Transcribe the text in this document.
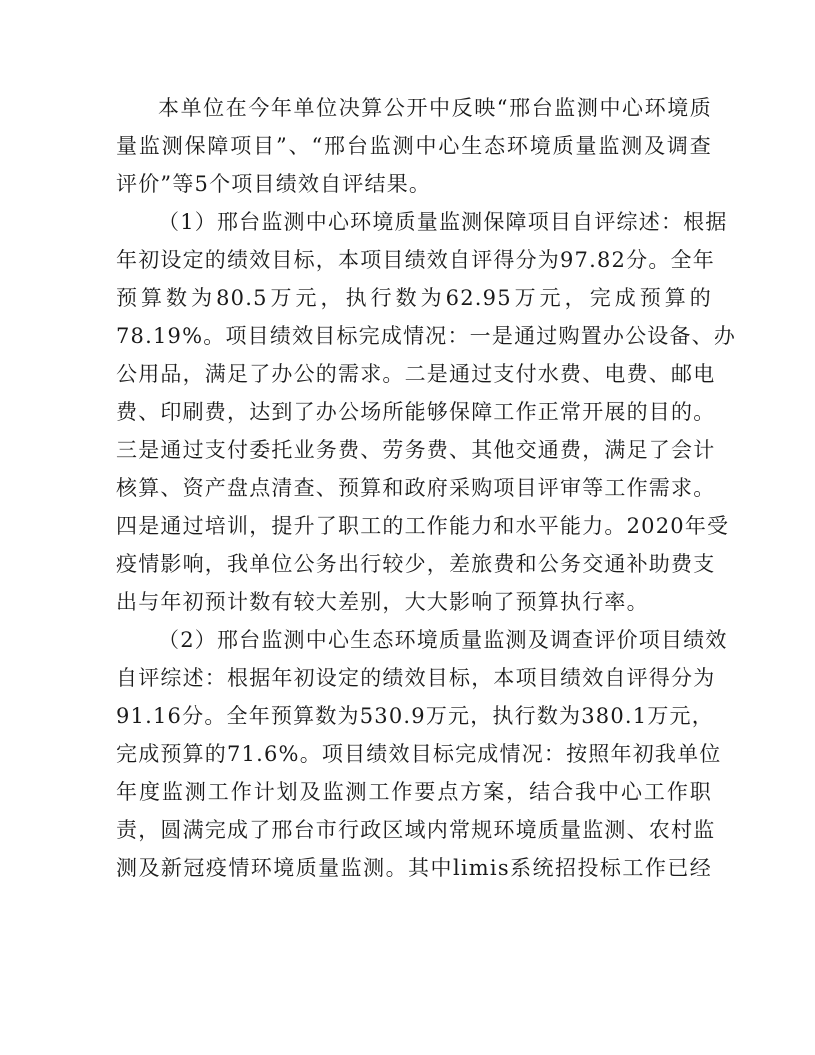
本单位在今年单位决算公开中反映“邢台监测中心环境质
量监测保障项目”、“邢台监测中心生态环境质量监测及调查
评价”等5个项目绩效自评结果。
（1）邢台监测中心环境质量监测保障项目自评综述：根据
年初设定的绩效目标，本项目绩效自评得分为97.82分。全年
预算数为80.5万元，执行数为62.95万元，完成预算的
78.19%。项目绩效目标完成情况：一是通过购置办公设备、办
公用品，满足了办公的需求。二是通过支付水费、电费、邮电
费、印刷费，达到了办公场所能够保障工作正常开展的目的。
三是通过支付委托业务费、劳务费、其他交通费，满足了会计
核算、资产盘点清查、预算和政府采购项目评审等工作需求。
四是通过培训，提升了职工的工作能力和水平能力。2020年受
疫情影响，我单位公务出行较少，差旅费和公务交通补助费支
出与年初预计数有较大差别，大大影响了预算执行率。
（2）邢台监测中心生态环境质量监测及调查评价项目绩效
自评综述：根据年初设定的绩效目标，本项目绩效自评得分为
91.16分。全年预算数为530.9万元，执行数为380.1万元，
完成预算的71.6%。项目绩效目标完成情况：按照年初我单位
年度监测工作计划及监测工作要点方案，结合我中心工作职
责，圆满完成了邢台市行政区域内常规环境质量监测、农村监
测及新冠疫情环境质量监测。其中limis系统招投标工作已经
